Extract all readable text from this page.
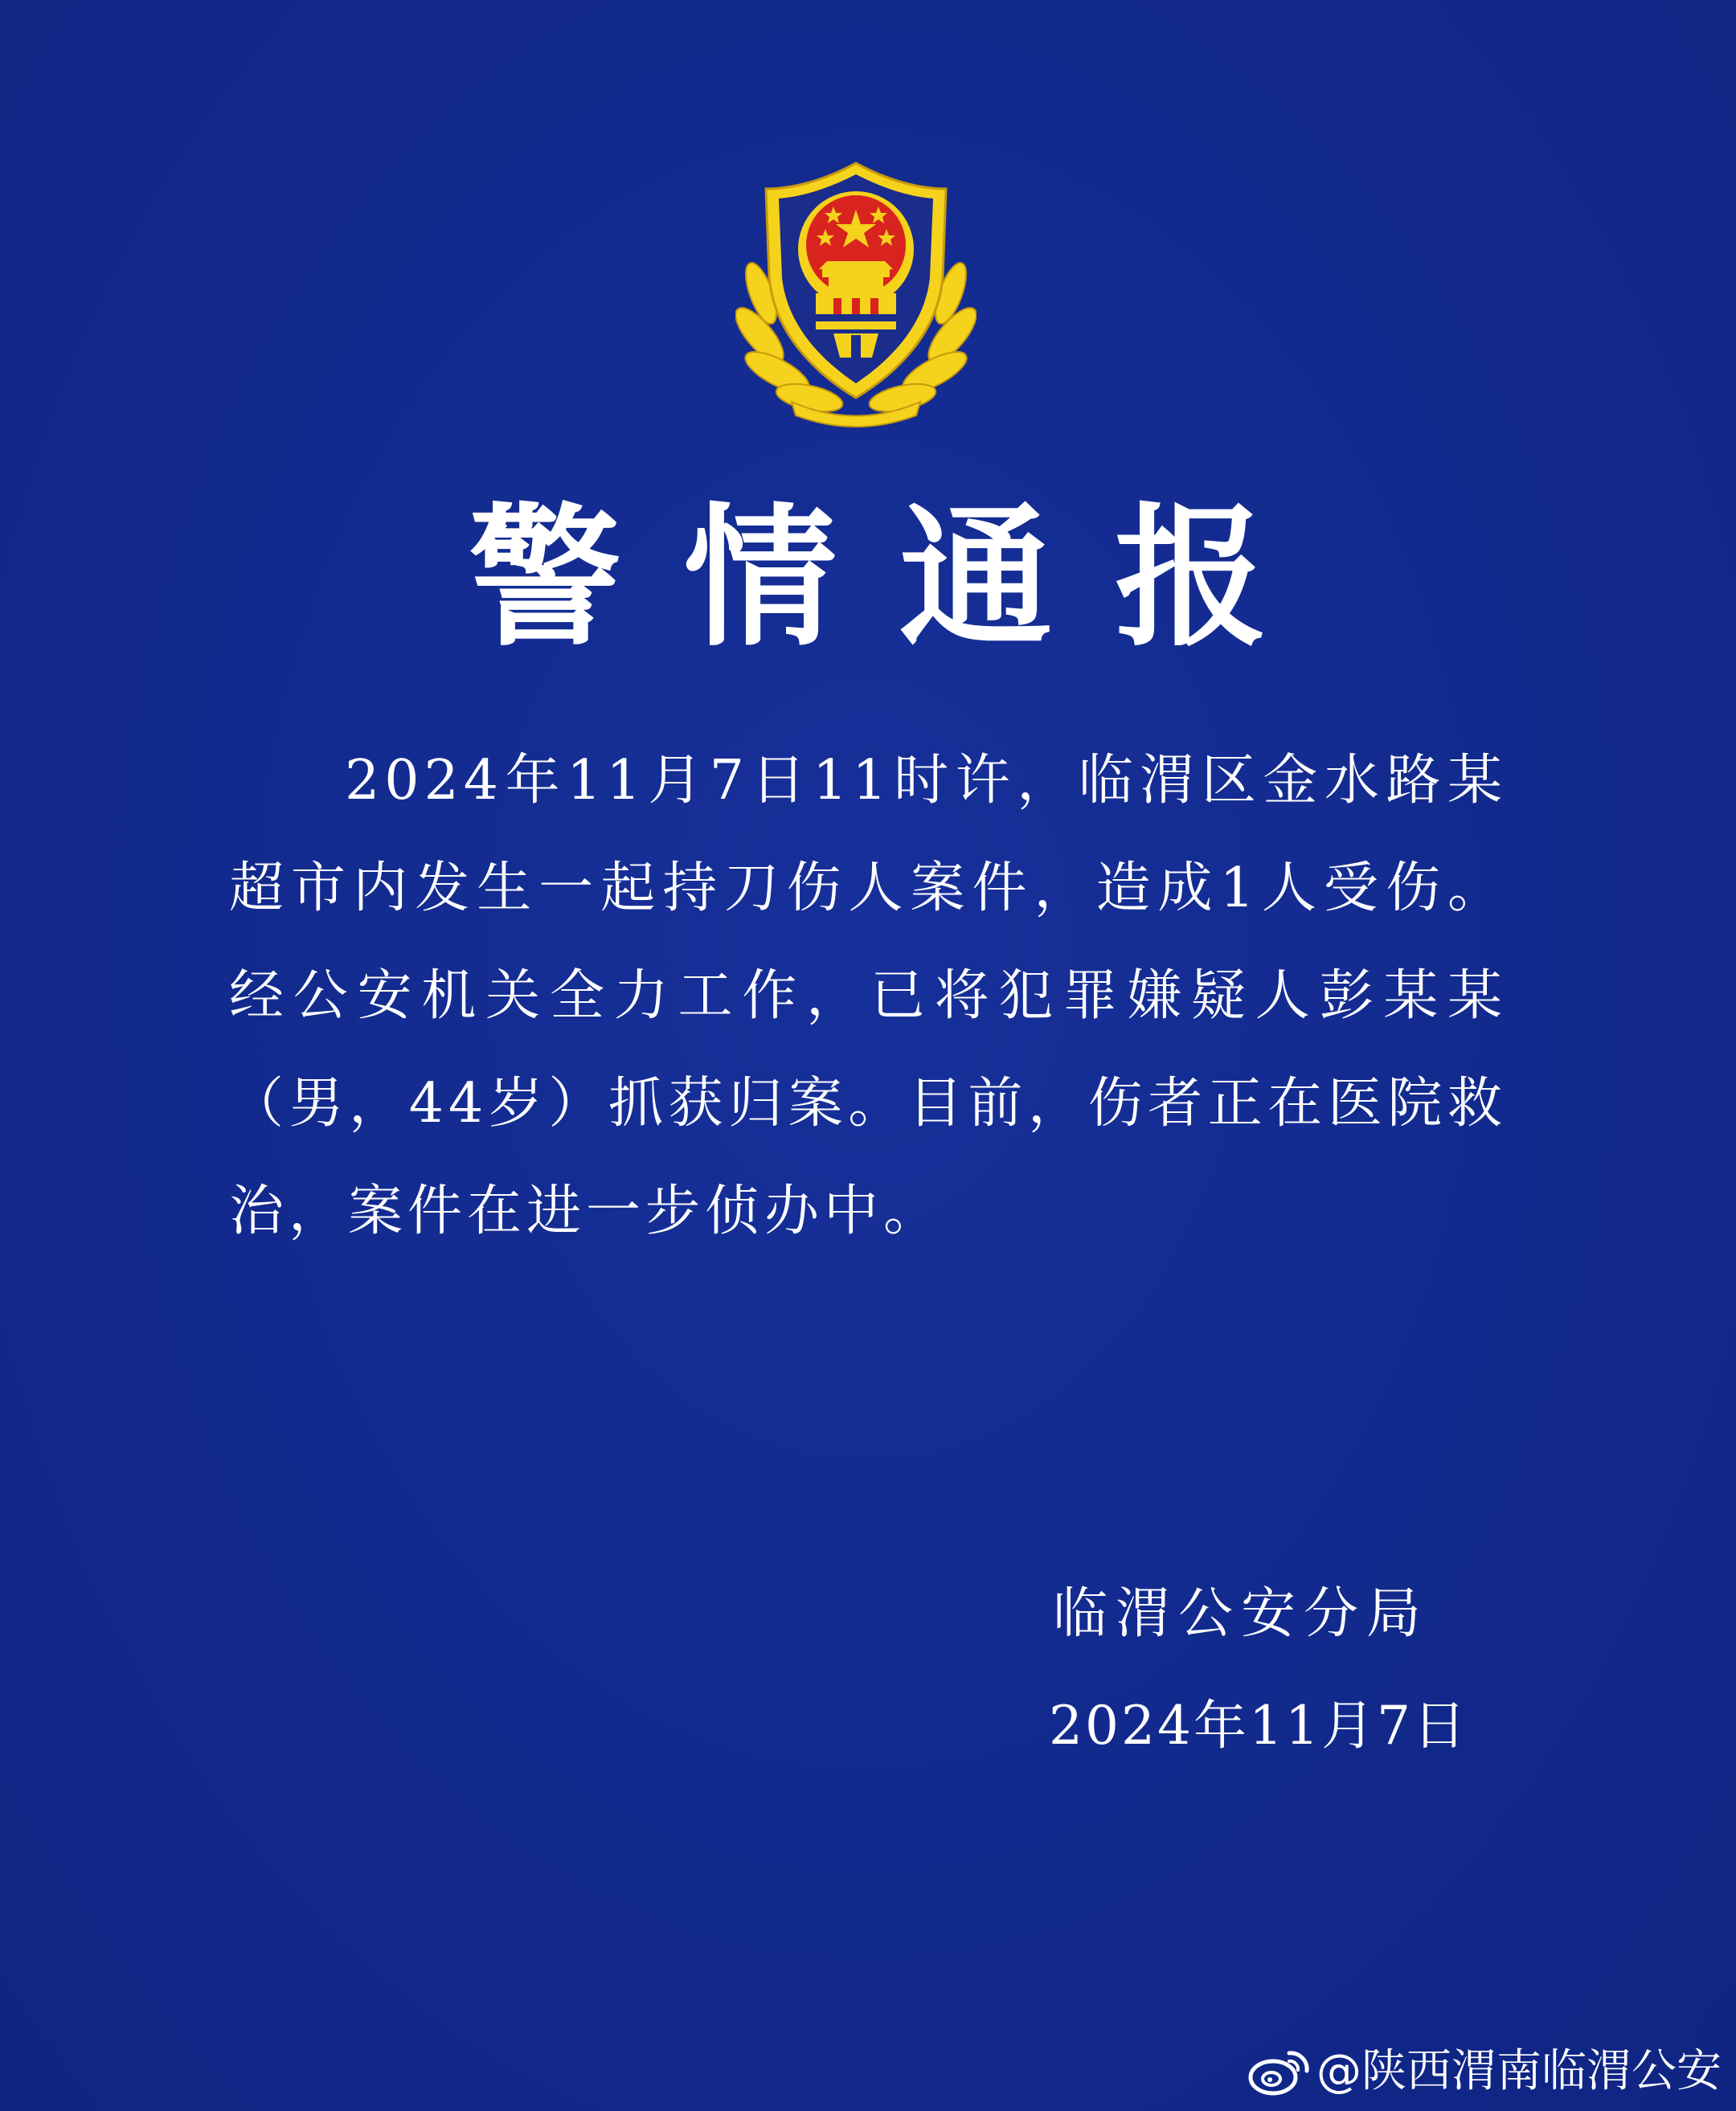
警情通报
2024年11月7日11时许，临渭区金水路某超市内发生一起持刀伤人案件，造成1人受伤。经公安机关全力工作，已将犯罪嫌疑人彭某某（男，44岁）抓获归案。目前，伤者正在医院救治，案件在进一步侦办中。
临渭公安分局
2024年11月7日
@陕西渭南临渭公安
